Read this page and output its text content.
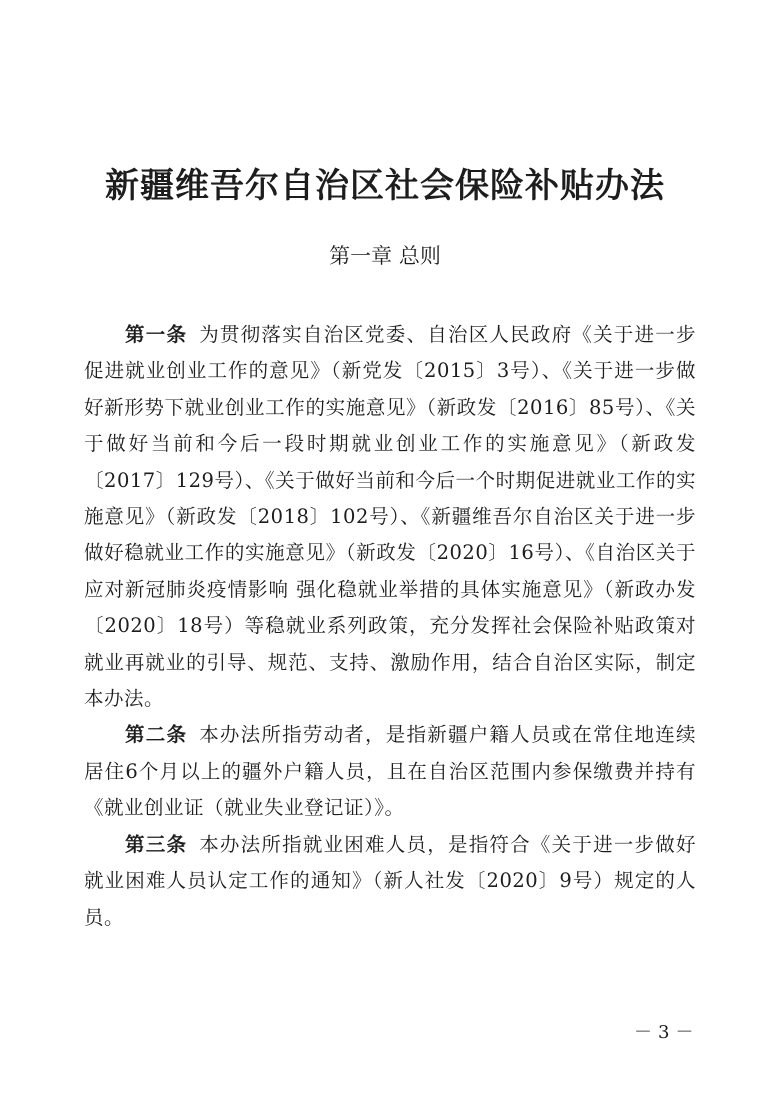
新疆维吾尔自治区社会保险补贴办法
第一章 总则

第一条 为贯彻落实自治区党委、自治区人民政府《关于进一步促进就业创业工作的意见》（新党发〔2015〕3号）、《关于进一步做好新形势下就业创业工作的实施意见》（新政发〔2016〕85号）、《关于做好当前和今后一段时期就业创业工作的实施意见》（新政发〔2017〕129号）、《关于做好当前和今后一个时期促进就业工作的实施意见》（新政发〔2018〕102号）、《新疆维吾尔自治区关于进一步做好稳就业工作的实施意见》（新政发〔2020〕16号）、《自治区关于应对新冠肺炎疫情影响 强化稳就业举措的具体实施意见》（新政办发〔2020〕18号）等稳就业系列政策，充分发挥社会保险补贴政策对就业再就业的引导、规范、支持、激励作用，结合自治区实际，制定本办法。

第二条 本办法所指劳动者，是指新疆户籍人员或在常住地连续居住6个月以上的疆外户籍人员，且在自治区范围内参保缴费并持有《就业创业证（就业失业登记证）》。

第三条 本办法所指就业困难人员，是指符合《关于进一步做好就业困难人员认定工作的通知》（新人社发〔2020〕9号）规定的人员。

－3－
